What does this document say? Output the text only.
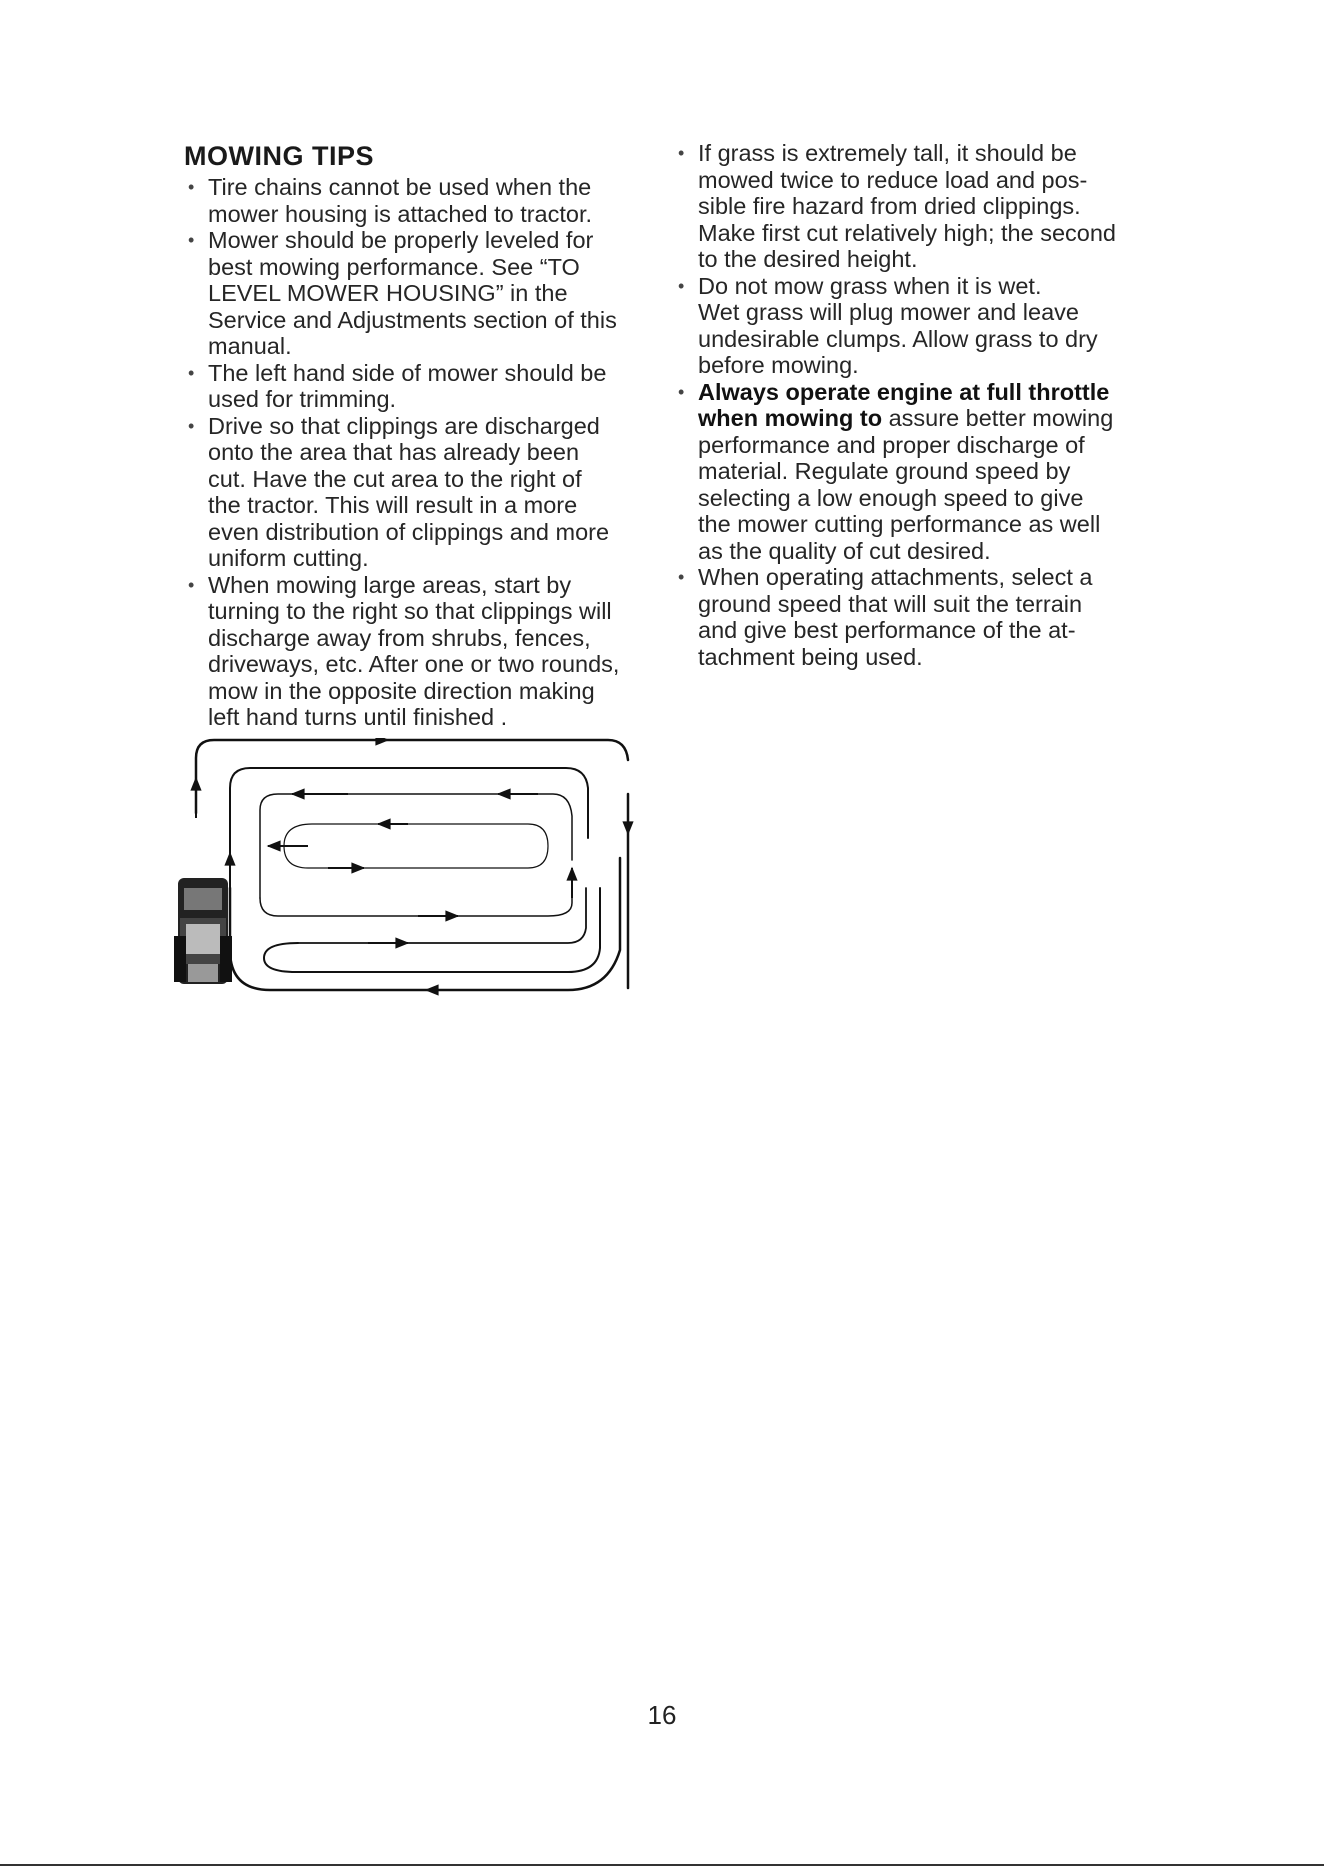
MOWING TIPS
• Tire chains cannot be used when the
mower housing is attached to tractor.
• Mower should be properly leveled for
best mowing performance. See “TO
LEVEL MOWER HOUSING” in the
Service and Adjustments section of this
manual.
• The left hand side of mower should be
used for trimming.
• Drive so that clippings are discharged
onto the area that has already been
cut. Have the cut area to the right of
the tractor. This will result in a more
even distribution of clippings and more
uniform cutting.
• When mowing large areas, start by
turning to the right so that clippings will
discharge away from shrubs, fences,
driveways, etc. After one or two rounds,
mow in the opposite direction making
left hand turns until finished .
• If grass is extremely tall, it should be
mowed twice to reduce load and pos-
sible fire hazard from dried clippings.
Make first cut relatively high; the second
to the desired height.
• Do not mow grass when it is wet.
Wet grass will plug mower and leave
undesirable clumps. Allow grass to dry
before mowing.
• Always operate engine at full throttle
when mowing to assure better mowing
performance and proper discharge of
material. Regulate ground speed by
selecting a low enough speed to give
the mower cutting performance as well
as the quality of cut desired.
• When operating attachments, select a
ground speed that will suit the terrain
and give best performance of the at-
tachment being used.
16
